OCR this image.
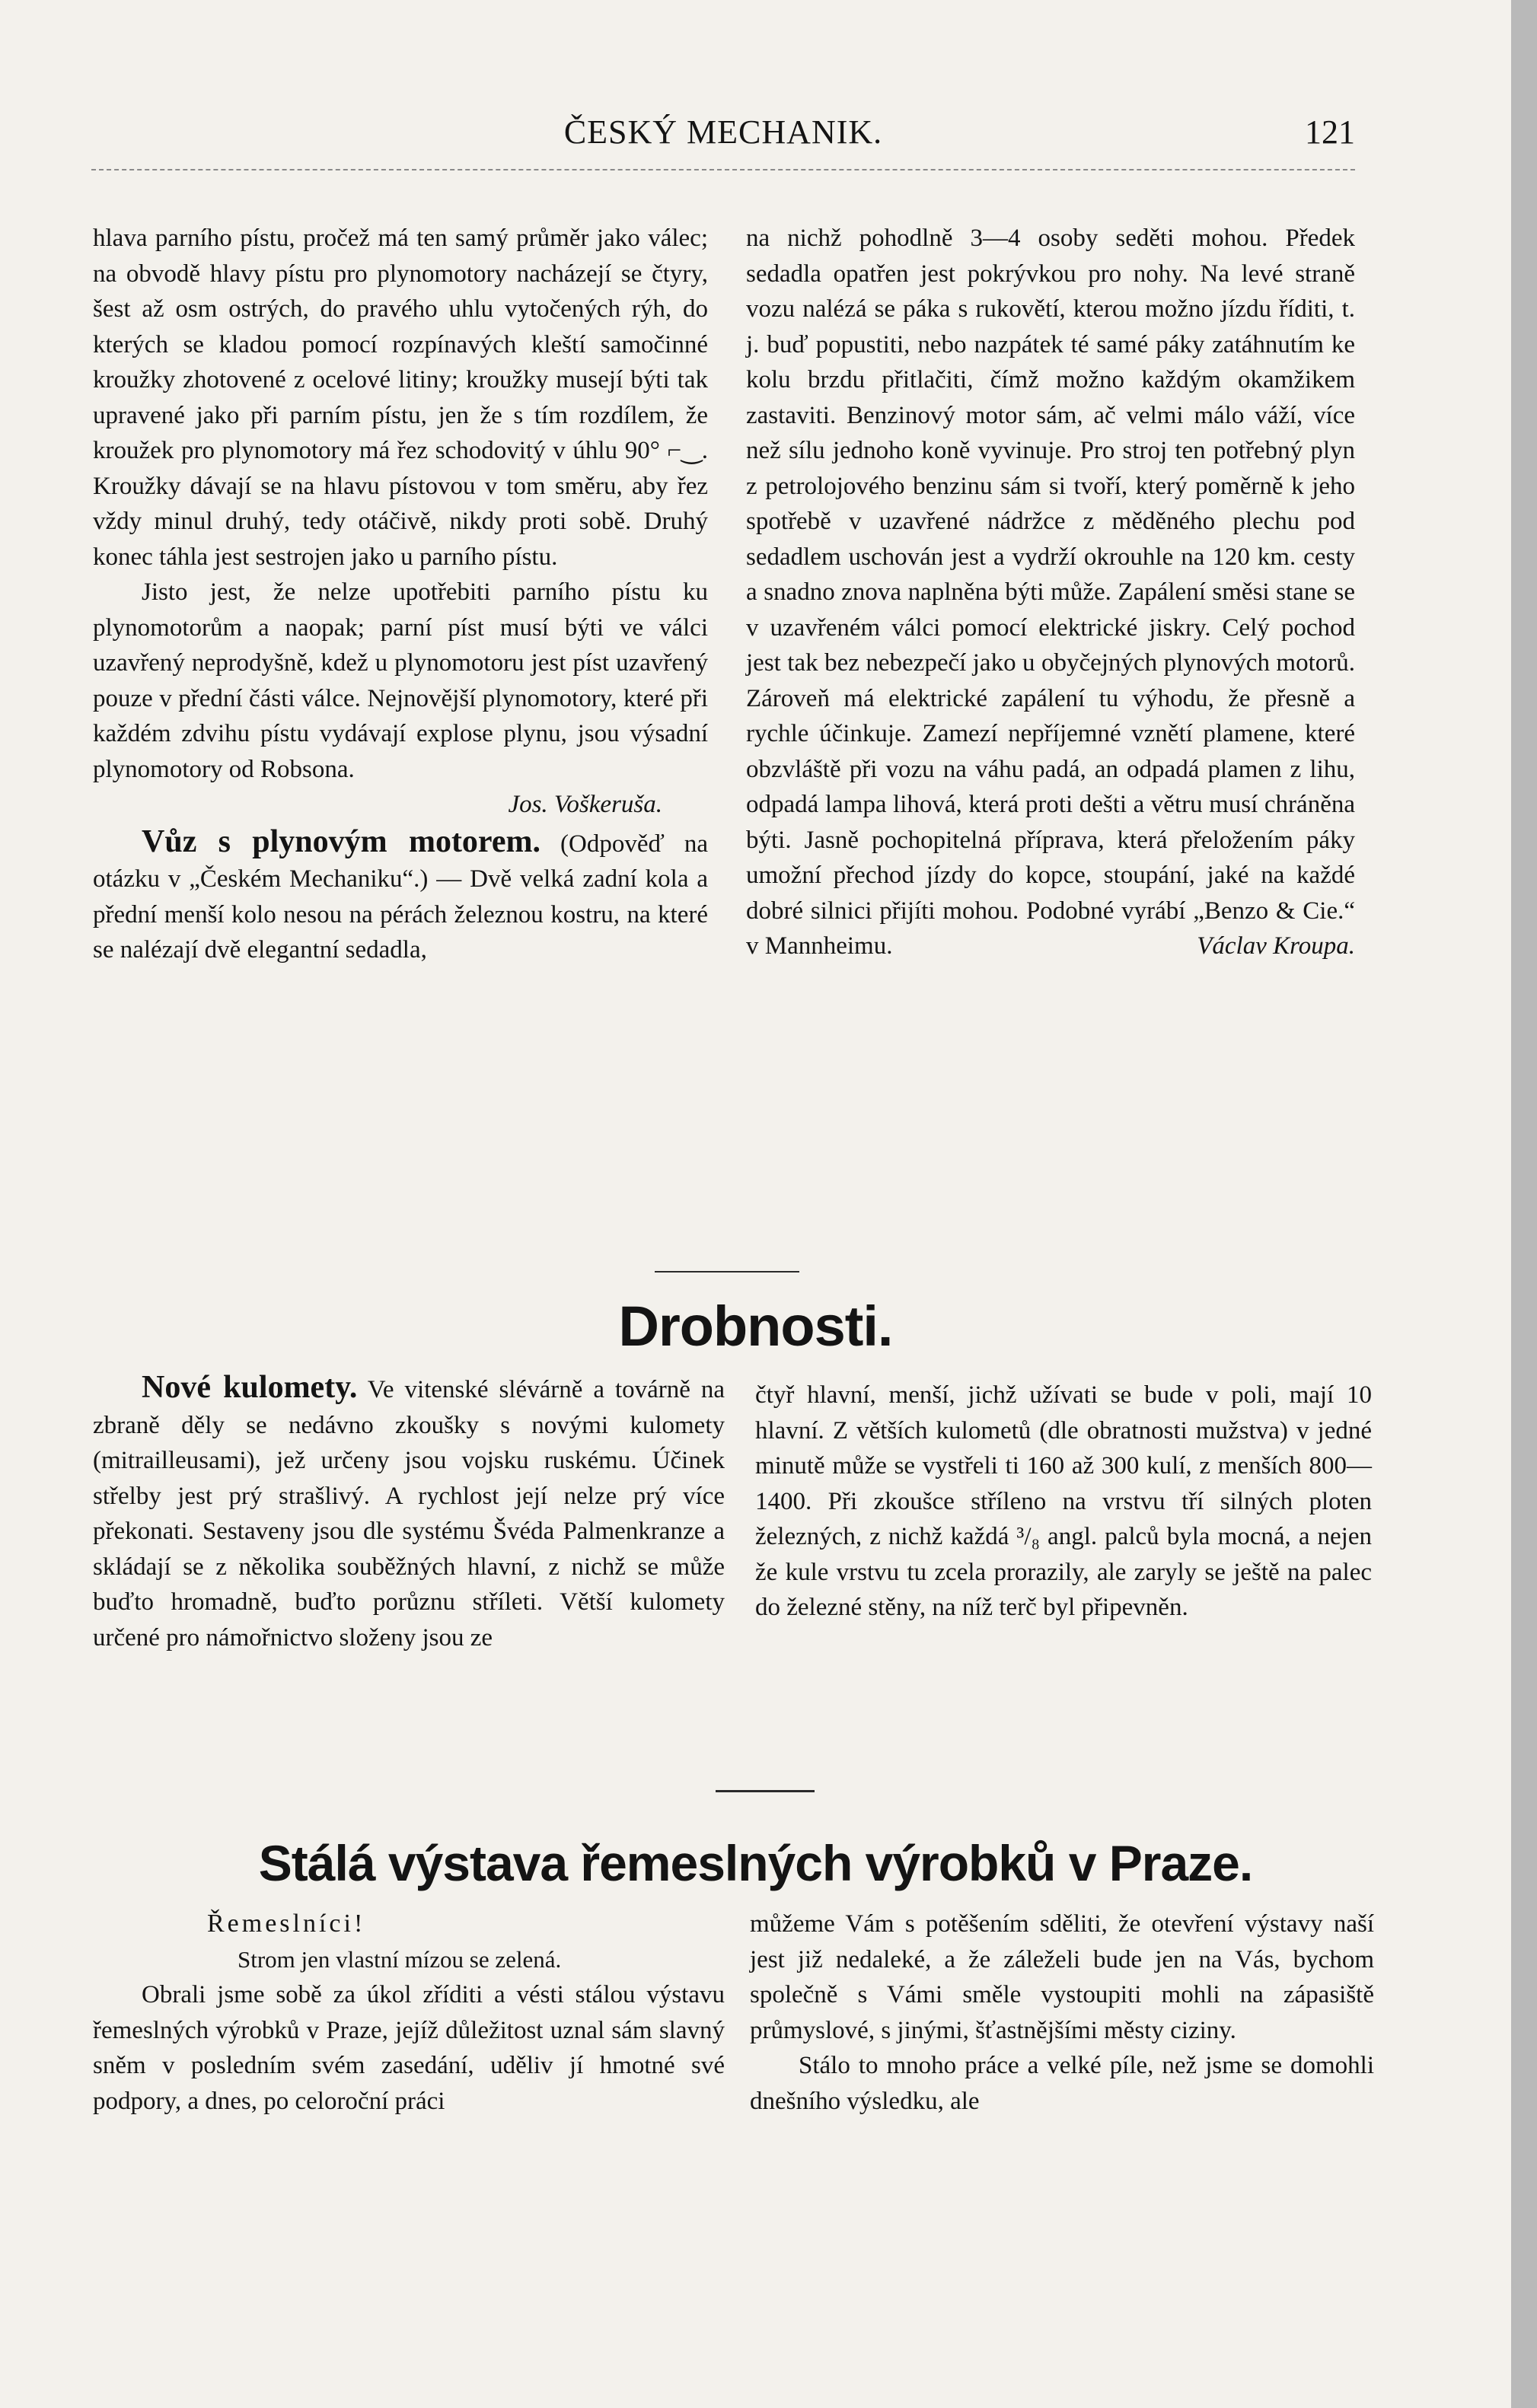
ČESKÝ MECHANIK.	121

hlava parního pístu, pročež má ten samý průměr jako válec; na obvodě hlavy pístu pro plynomotory nacházejí se čtyry, šest až osm ostrých, do pravého uhlu vytočených rýh, do kterých se kladou pomocí rozpínavých kleští samočinné kroužky zhotovené z ocelové litiny; kroužky musejí býti tak upravené jako při parním pístu, jen že s tím rozdílem, že kroužek pro plynomotory má řez schodovitý v úhlu 90° ⌐‿. Kroužky dávají se na hlavu pístovou v tom směru, aby řez vždy minul druhý, tedy otáčivě, nikdy proti sobě. Druhý konec táhla jest sestrojen jako u parního pístu.

Jisto jest, že nelze upotřebiti parního pístu ku plynomotorům a naopak; parní píst musí býti ve válci uzavřený neprodyšně, kdež u plynomotoru jest píst uzavřený pouze v přední části válce. Nejnovější plynomotory, které při každém zdvihu pístu vydávají explose plynu, jsou výsadní plynomotory od Robsona.

Jos. Voškeruša.

Vůz s plynovým motorem. (Odpověď na otázku v „Českém Mechaniku“.) — Dvě velká zadní kola a přední menší kolo nesou na pérách železnou kostru, na které se nalézají dvě elegantní sedadla,

na nichž pohodlně 3—4 osoby seděti mohou. Předek sedadla opatřen jest pokrývkou pro nohy. Na levé straně vozu nalézá se páka s rukovětí, kterou možno jízdu říditi, t. j. buď popustiti, nebo nazpátek té samé páky zatáhnutím ke kolu brzdu přitlačiti, čímž možno každým okamžikem zastaviti. Benzinový motor sám, ač velmi málo váží, více než sílu jednoho koně vyvinuje. Pro stroj ten potřebný plyn z petrolojového benzinu sám si tvoří, který poměrně k jeho spotřebě v uzavřené nádržce z měděného plechu pod sedadlem uschován jest a vydrží okrouhle na 120 km. cesty a snadno znova naplněna býti může. Zapálení směsi stane se v uzavřeném válci pomocí elektrické jiskry. Celý pochod jest tak bez nebezpečí jako u obyčejných plynových motorů. Zároveň má elektrické zapálení tu výhodu, že přesně a rychle účinkuje. Zamezí nepříjemné vznětí plamene, které obzvláště při vozu na váhu padá, an odpadá plamen z lihu, odpadá lampa lihová, která proti dešti a větru musí chráněna býti. Jasně pochopitelná příprava, která přeložením páky umožní přechod jízdy do kopce, stoupání, jaké na každé dobré silnici přijíti mohou. Podobné vyrábí „Benzo & Cie.“ v Mannheimu.	Václav Kroupa.

Drobnosti.

Nové kulomety. Ve vitenské slévárně a továrně na zbraně děly se nedávno zkoušky s novými kulomety (mitrailleusami), jež určeny jsou vojsku ruskému. Účinek střelby jest prý strašlivý. A rychlost její nelze prý více překonati. Sestaveny jsou dle systému Švéda Palmenkranze a skládají se z několika souběžných hlavní, z nichž se může buďto hromadně, buďto porůznu stříleti. Větší kulomety určené pro námořnictvo složeny jsou ze

čtyř hlavní, menší, jichž užívati se bude v poli, mají 10 hlavní. Z větších kulometů (dle obratnosti mužstva) v jedné minutě může se vystřeli ti 160 až 300 kulí, z menších 800—1400. Při zkoušce stříleno na vrstvu tří silných ploten železných, z nichž každá ³/₈ angl. palců byla mocná, a nejen že kule vrstvu tu zcela prorazily, ale zaryly se ještě na palec do železné stěny, na níž terč byl připevněn.

Stálá výstava řemeslných výrobků v Praze.

Řemeslníci!

Strom jen vlastní mízou se zelená.

Obrali jsme sobě za úkol zříditi a vésti stálou výstavu řemeslných výrobků v Praze, jejíž důležitost uznal sám slavný sněm v posledním svém zasedání, uděliv jí hmotné své podpory, a dnes, po celoroční práci

můžeme Vám s potěšením sděliti, že otevření výstavy naší jest již nedaleké, a že záleželi bude jen na Vás, bychom společně s Vámi směle vystoupiti mohli na zápasiště průmyslové, s jinými, šťastnějšími městy ciziny.

Stálo to mnoho práce a velké píle, než jsme se domohli dnešního výsledku, ale
